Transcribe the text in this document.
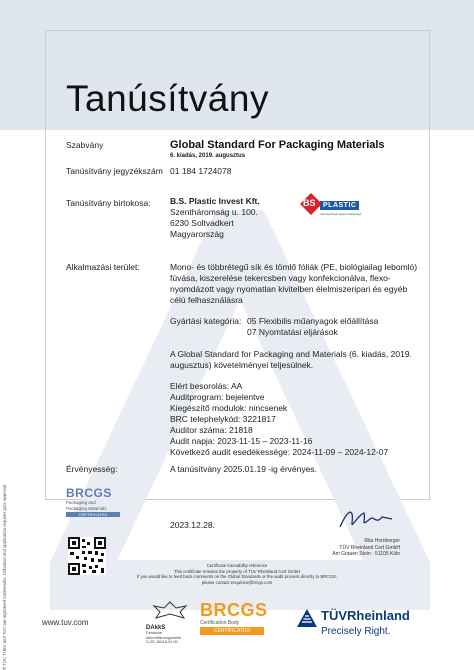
Tanúsítvány
Szabvány	Global Standard For Packaging Materials
6. kiadás, 2019. augusztus
Tanúsítvány jegyzékszám 01 184 1724078
Tanúsítvány birtokosa: B.S. Plastic Invest Kft.
Szentháromság u. 100.
6230 Soltvadkert
Magyarország
BS	PLASTIC
Csomagolóipari egyedi tudatosságú
Alkalmazási terület:	Mono- és többrétegű sík és tömlő fóliák (PE, biológiailag lebomló)
fúvása, kiszerelése tekercsben vagy konfekcionálva, flexo-
nyomdázott vagy nyomatlan kivitelben élelmiszeripari és egyéb
célú felhasználásra
Gyártási kategória: 05 Flexibilis műanyagok előállítása
07 Nyomtatási eljárások
A Global Standard for Packaging and Materials (6. kiadás, 2019.
augusztus) követelményei teljesülnek.
Elért besorolás: AA
Auditprogram: bejelentve
Kiegészítő modulok: nincsenek
BRC telephelykód: 3221817
Auditor száma: 21818
Audit napja: 2023-11-15 – 2023-11-16
Következő audit esedékessége: 2024-11-09 – 2024-12-07
Érvényesség:	A tanúsítvány 2025.01.19 -ig érvényes.
BRCGS
Packaging and
Packaging Materials
CERTIFICATED
2023.12.28.
Rita Hornberger
TÜV Rheinland Cert GmbH
Am Grauen Stein · 51105 Köln
Certificate traceability reference
This certificate remains the property of TÜV Rheinland Cert GmbH
If you would like to feed back comments on the Global Standards or the audit process directly to BRCGS,
please contact enquiries@brcgs.com
www.tuv.com
DAkkS
Deutsche
Akkreditierungsstelle
D-ZE-16018-01-00
BRCGS
Certification Body
CERTIFICATED
TÜVRheinland
Precisely Right.
® TÜV, TUEV and TUV are registered trademarks. Utilisation and application requires prior approval.
